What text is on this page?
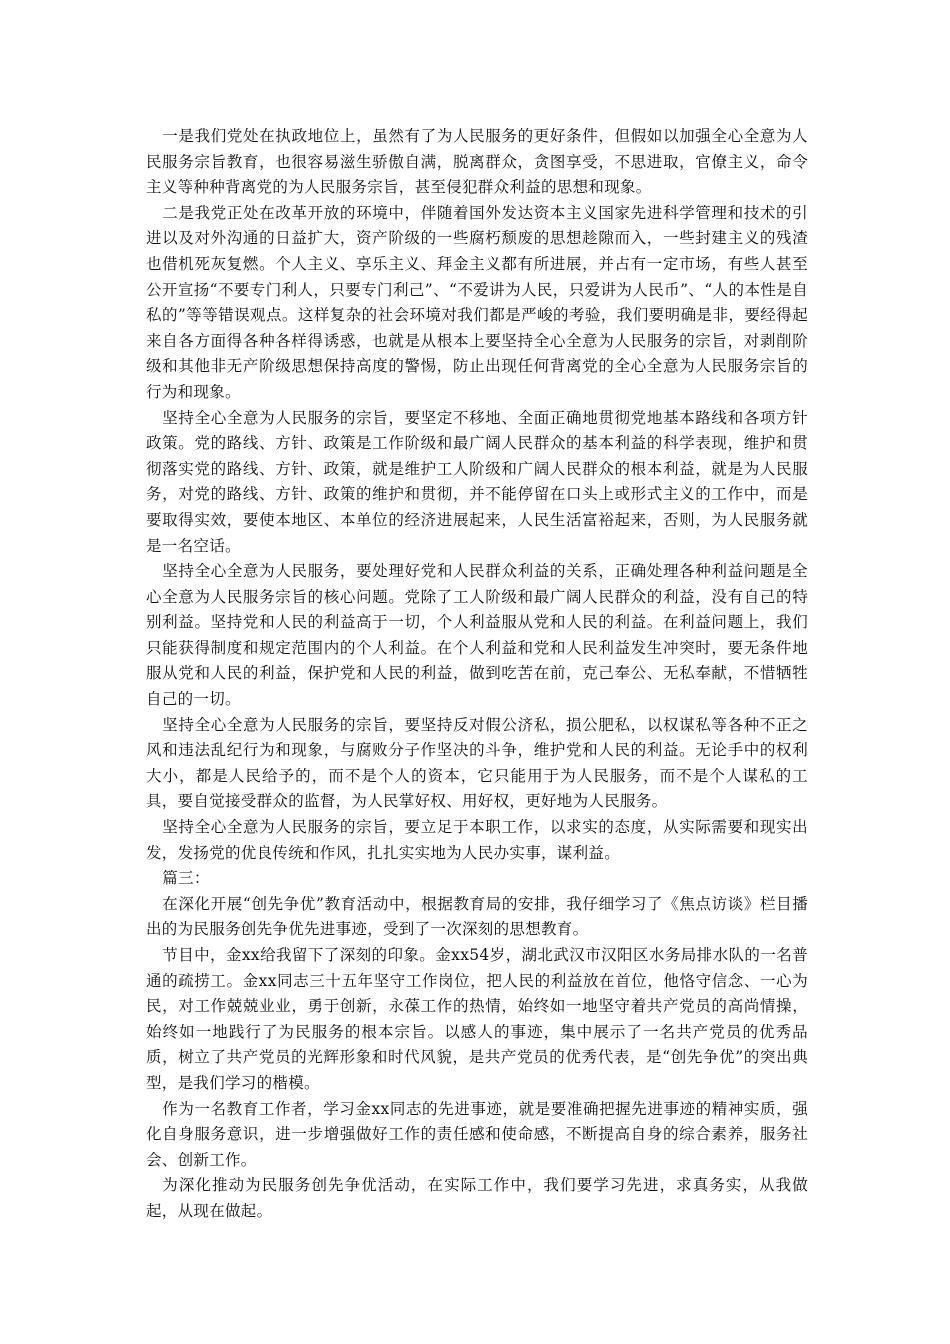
一是我们党处在执政地位上，虽然有了为人民服务的更好条件，但假如以加强全心全意为人民服务宗旨教育，也很容易滋生骄傲自满，脱离群众，贪图享受，不思进取，官僚主义，命令主义等种种背离党的为人民服务宗旨，甚至侵犯群众利益的思想和现象。

二是我党正处在改革开放的环境中，伴随着国外发达资本主义国家先进科学管理和技术的引进以及对外沟通的日益扩大，资产阶级的一些腐朽颓废的思想趁隙而入，一些封建主义的残渣也借机死灰复燃。个人主义、享乐主义、拜金主义都有所进展，并占有一定市场，有些人甚至公开宣扬“不要专门利人，只要专门利己”、“不爱讲为人民，只爱讲为人民币”、“人的本性是自私的”等等错误观点。这样复杂的社会环境对我们都是严峻的考验，我们要明确是非，要经得起来自各方面得各种各样得诱惑，也就是从根本上要坚持全心全意为人民服务的宗旨，对剥削阶级和其他非无产阶级思想保持高度的警惕，防止出现任何背离党的全心全意为人民服务宗旨的行为和现象。

坚持全心全意为人民服务的宗旨，要坚定不移地、全面正确地贯彻党地基本路线和各项方针政策。党的路线、方针、政策是工作阶级和最广阔人民群众的基本利益的科学表现，维护和贯彻落实党的路线、方针、政策，就是维护工人阶级和广阔人民群众的根本利益，就是为人民服务，对党的路线、方针、政策的维护和贯彻，并不能停留在口头上或形式主义的工作中，而是要取得实效，要使本地区、本单位的经济进展起来，人民生活富裕起来，否则，为人民服务就是一名空话。

坚持全心全意为人民服务，要处理好党和人民群众利益的关系，正确处理各种利益问题是全心全意为人民服务宗旨的核心问题。党除了工人阶级和最广阔人民群众的利益，没有自己的特别利益。坚持党和人民的利益高于一切，个人利益服从党和人民的利益。在利益问题上，我们只能获得制度和规定范围内的个人利益。在个人利益和党和人民利益发生冲突时，要无条件地服从党和人民的利益，保护党和人民的利益，做到吃苦在前，克己奉公、无私奉献，不惜牺牲自己的一切。

坚持全心全意为人民服务的宗旨，要坚持反对假公济私，损公肥私，以权谋私等各种不正之风和违法乱纪行为和现象，与腐败分子作坚决的斗争，维护党和人民的利益。无论手中的权利大小，都是人民给予的，而不是个人的资本，它只能用于为人民服务，而不是个人谋私的工具，要自觉接受群众的监督，为人民掌好权、用好权，更好地为人民服务。

坚持全心全意为人民服务的宗旨，要立足于本职工作，以求实的态度，从实际需要和现实出发，发扬党的优良传统和作风，扎扎实实地为人民办实事，谋利益。

篇三：

在深化开展“创先争优”教育活动中，根据教育局的安排，我仔细学习了《焦点访谈》栏目播出的为民服务创先争优先进事迹，受到了一次深刻的思想教育。

节目中，金xx给我留下了深刻的印象。金xx54岁，湖北武汉市汉阳区水务局排水队的一名普通的疏捞工。金xx同志三十五年坚守工作岗位，把人民的利益放在首位，他恪守信念、一心为民，对工作兢兢业业，勇于创新，永葆工作的热情，始终如一地坚守着共产党员的高尚情操，始终如一地践行了为民服务的根本宗旨。以感人的事迹，集中展示了一名共产党员的优秀品质，树立了共产党员的光辉形象和时代风貌，是共产党员的优秀代表，是“创先争优”的突出典型，是我们学习的楷模。

作为一名教育工作者，学习金xx同志的先进事迹，就是要准确把握先进事迹的精神实质，强化自身服务意识，进一步增强做好工作的责任感和使命感，不断提高自身的综合素养，服务社会、创新工作。

为深化推动为民服务创先争优活动，在实际工作中，我们要学习先进，求真务实，从我做起，从现在做起。
